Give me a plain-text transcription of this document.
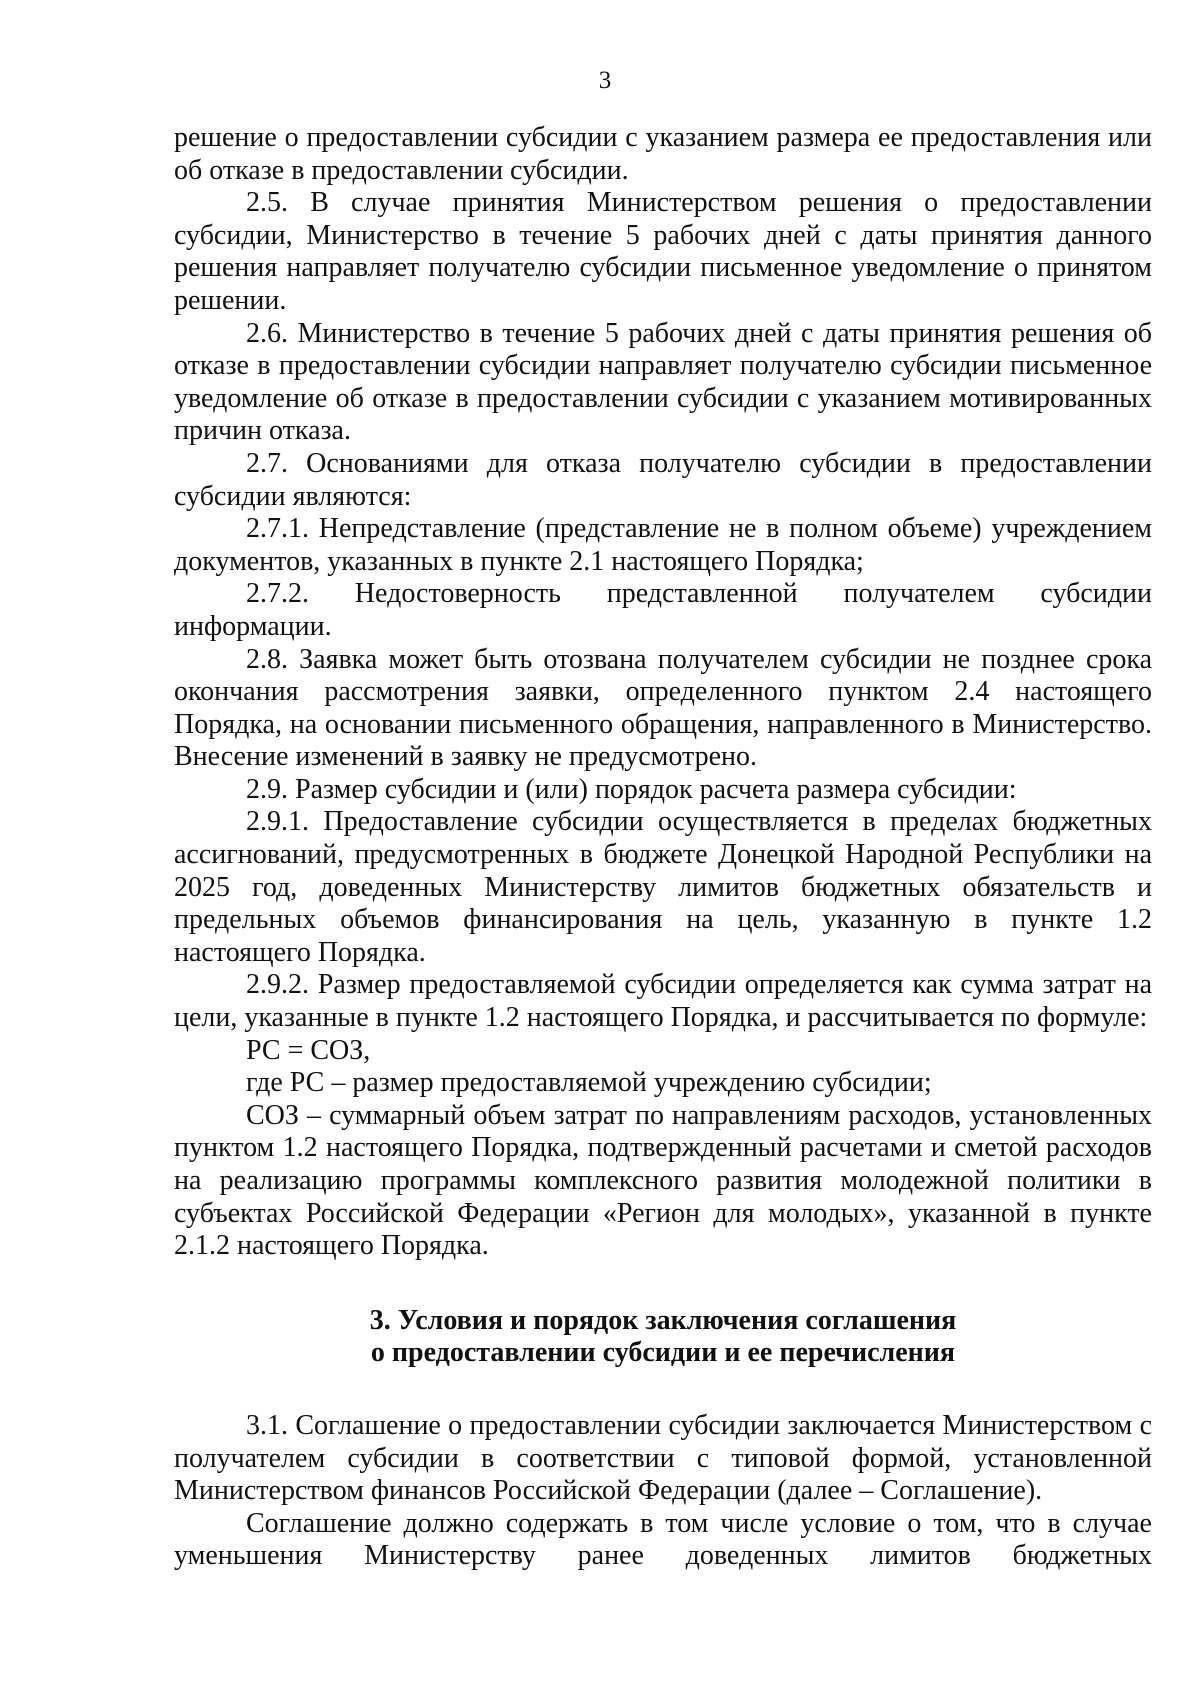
3

решение о предоставлении субсидии с указанием размера ее предоставления или об отказе в предоставлении субсидии.

2.5. В случае принятия Министерством решения о предоставлении субсидии, Министерство в течение 5 рабочих дней с даты принятия данного решения направляет получателю субсидии письменное уведомление о принятом решении.

2.6. Министерство в течение 5 рабочих дней с даты принятия решения об отказе в предоставлении субсидии направляет получателю субсидии письменное уведомление об отказе в предоставлении субсидии с указанием мотивированных причин отказа.

2.7. Основаниями для отказа получателю субсидии в предоставлении субсидии являются:

2.7.1. Непредставление (представление не в полном объеме) учреждением документов, указанных в пункте 2.1 настоящего Порядка;

2.7.2. Недостоверность представленной получателем субсидии информации.

2.8. Заявка может быть отозвана получателем субсидии не позднее срока окончания рассмотрения заявки, определенного пунктом 2.4 настоящего Порядка, на основании письменного обращения, направленного в Министерство. Внесение изменений в заявку не предусмотрено.

2.9. Размер субсидии и (или) порядок расчета размера субсидии:

2.9.1. Предоставление субсидии осуществляется в пределах бюджетных ассигнований, предусмотренных в бюджете Донецкой Народной Республики на 2025 год, доведенных Министерству лимитов бюджетных обязательств и предельных объемов финансирования на цель, указанную в пункте 1.2 настоящего Порядка.

2.9.2. Размер предоставляемой субсидии определяется как сумма затрат на цели, указанные в пункте 1.2 настоящего Порядка, и рассчитывается по формуле:

РС = СОЗ,

где РС – размер предоставляемой учреждению субсидии;

СОЗ – суммарный объем затрат по направлениям расходов, установленных пунктом 1.2 настоящего Порядка, подтвержденный расчетами и сметой расходов на реализацию программы комплексного развития молодежной политики в субъектах Российской Федерации «Регион для молодых», указанной в пункте 2.1.2 настоящего Порядка.

3. Условия и порядок заключения соглашения
о предоставлении субсидии и ее перечисления

3.1. Соглашение о предоставлении субсидии заключается Министерством с получателем субсидии в соответствии с типовой формой, установленной Министерством финансов Российской Федерации (далее – Соглашение).

Соглашение должно содержать в том числе условие о том, что в случае уменьшения Министерству ранее доведенных лимитов бюджетных
